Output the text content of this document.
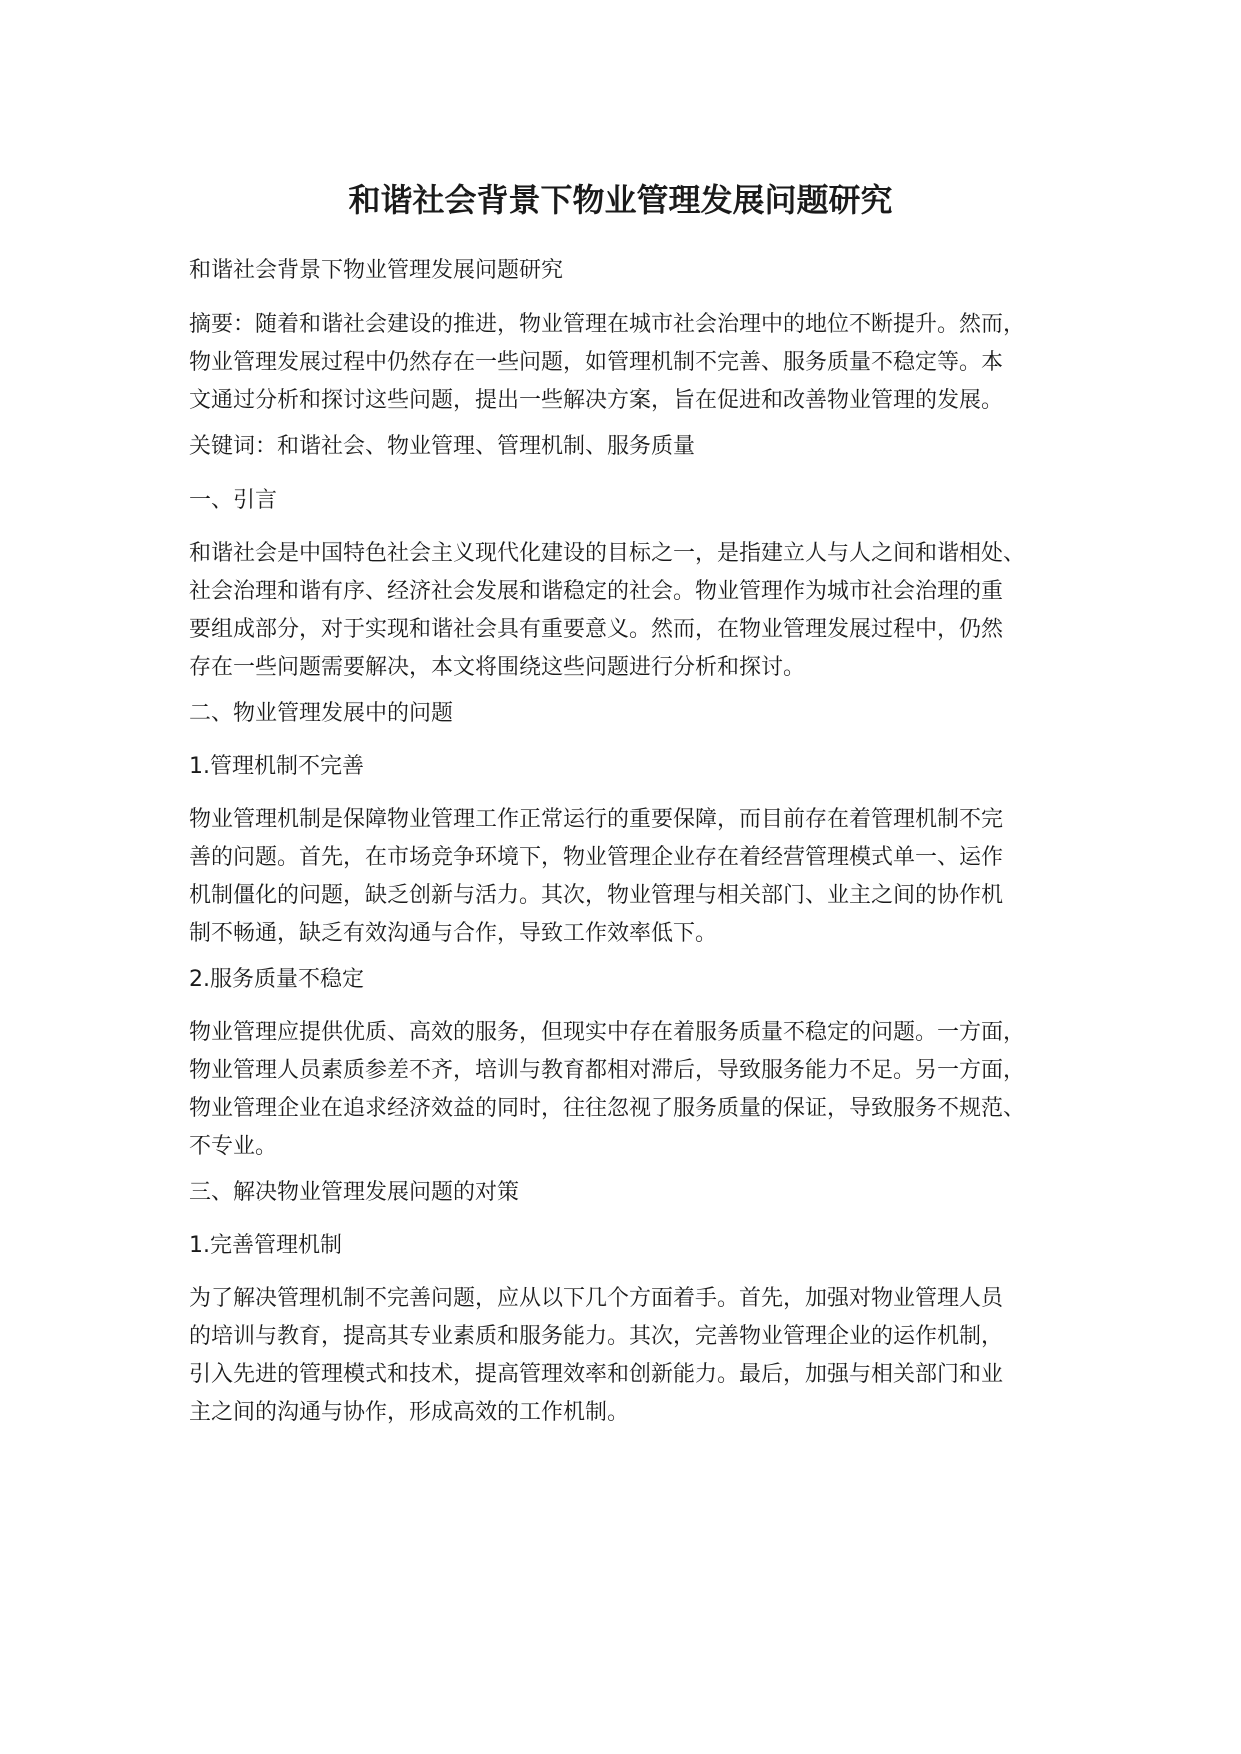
和谐社会背景下物业管理发展问题研究

和谐社会背景下物业管理发展问题研究

摘要：随着和谐社会建设的推进，物业管理在城市社会治理中的地位不断提升。然而，
物业管理发展过程中仍然存在一些问题，如管理机制不完善、服务质量不稳定等。本
文通过分析和探讨这些问题，提出一些解决方案，旨在促进和改善物业管理的发展。

关键词：和谐社会、物业管理、管理机制、服务质量

一、引言

和谐社会是中国特色社会主义现代化建设的目标之一，是指建立人与人之间和谐相处、
社会治理和谐有序、经济社会发展和谐稳定的社会。物业管理作为城市社会治理的重
要组成部分，对于实现和谐社会具有重要意义。然而，在物业管理发展过程中，仍然
存在一些问题需要解决，本文将围绕这些问题进行分析和探讨。

二、物业管理发展中的问题

1.管理机制不完善

物业管理机制是保障物业管理工作正常运行的重要保障，而目前存在着管理机制不完
善的问题。首先，在市场竞争环境下，物业管理企业存在着经营管理模式单一、运作
机制僵化的问题，缺乏创新与活力。其次，物业管理与相关部门、业主之间的协作机
制不畅通，缺乏有效沟通与合作，导致工作效率低下。

2.服务质量不稳定

物业管理应提供优质、高效的服务，但现实中存在着服务质量不稳定的问题。一方面，
物业管理人员素质参差不齐，培训与教育都相对滞后，导致服务能力不足。另一方面，
物业管理企业在追求经济效益的同时，往往忽视了服务质量的保证，导致服务不规范、
不专业。

三、解决物业管理发展问题的对策

1.完善管理机制

为了解决管理机制不完善问题，应从以下几个方面着手。首先，加强对物业管理人员
的培训与教育，提高其专业素质和服务能力。其次，完善物业管理企业的运作机制，
引入先进的管理模式和技术，提高管理效率和创新能力。最后，加强与相关部门和业
主之间的沟通与协作，形成高效的工作机制。
